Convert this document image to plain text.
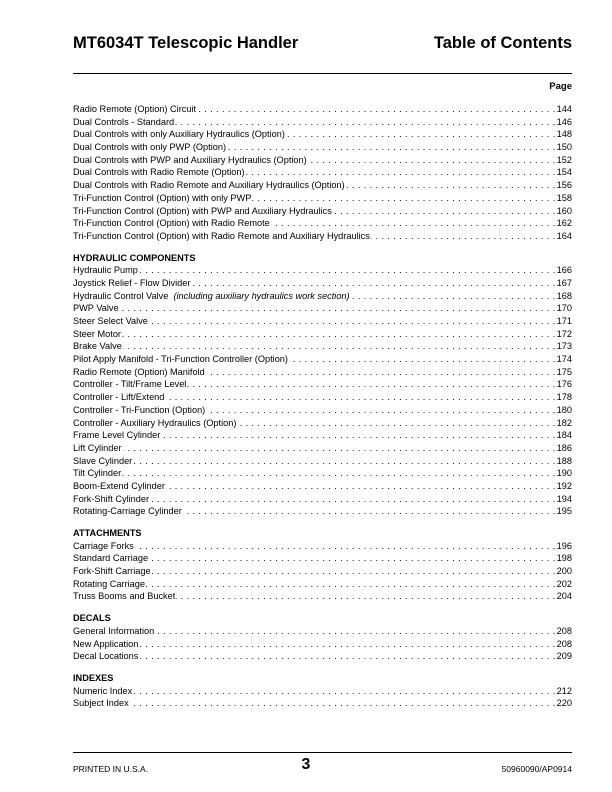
MT6034T Telescopic Handler	Table of Contents
Page
Radio Remote (Option) Circuit . . .	144
Dual Controls - Standard . . .	146
Dual Controls with only Auxiliary Hydraulics (Option) . . .	148
Dual Controls with only PWP (Option) . . .	150
Dual Controls with PWP and Auxiliary Hydraulics (Option) . . .	152
Dual Controls with Radio Remote (Option) . . .	154
Dual Controls with Radio Remote and Auxiliary Hydraulics (Option) . . .	156
Tri-Function Control (Option) with only PWP . . .	158
Tri-Function Control (Option) with PWP and Auxiliary Hydraulics . . .	160
Tri-Function Control (Option) with Radio Remote . . .	162
Tri-Function Control (Option) with Radio Remote and Auxiliary Hydraulics . . .	164
HYDRAULIC COMPONENTS
Hydraulic Pump . . .	166
Joystick Relief - Flow Divider . . .	167
Hydraulic Control Valve (including auxiliary hydraulics work section) . . .	168
PWP Valve . . .	170
Steer Select Valve . . .	171
Steer Motor . . .	172
Brake Valve . . .	173
Pilot Apply Manifold - Tri-Function Controller (Option) . . .	174
Radio Remote (Option) Manifold . . .	175
Controller - Tilt/Frame Level . . .	176
Controller - Lift/Extend . . .	178
Controller - Tri-Function (Option) . . .	180
Controller - Auxiliary Hydraulics (Option) . . .	182
Frame Level Cylinder . . .	184
Lift Cylinder . . .	186
Slave Cylinder . . .	188
Tilt Cylinder . . .	190
Boom-Extend Cylinder . . .	192
Fork-Shift Cylinder . . .	194
Rotating-Carriage Cylinder . . .	195
ATTACHMENTS
Carriage Forks . . .	196
Standard Carriage . . .	198
Fork-Shift Carriage . . .	200
Rotating Carriage . . .	202
Truss Booms and Bucket . . .	204
DECALS
General Information . . .	208
New Application . . .	208
Decal Locations . . .	209
INDEXES
Numeric Index . . .	212
Subject Index . . .	220
PRINTED IN U.S.A.	3	50960090/AP0914
